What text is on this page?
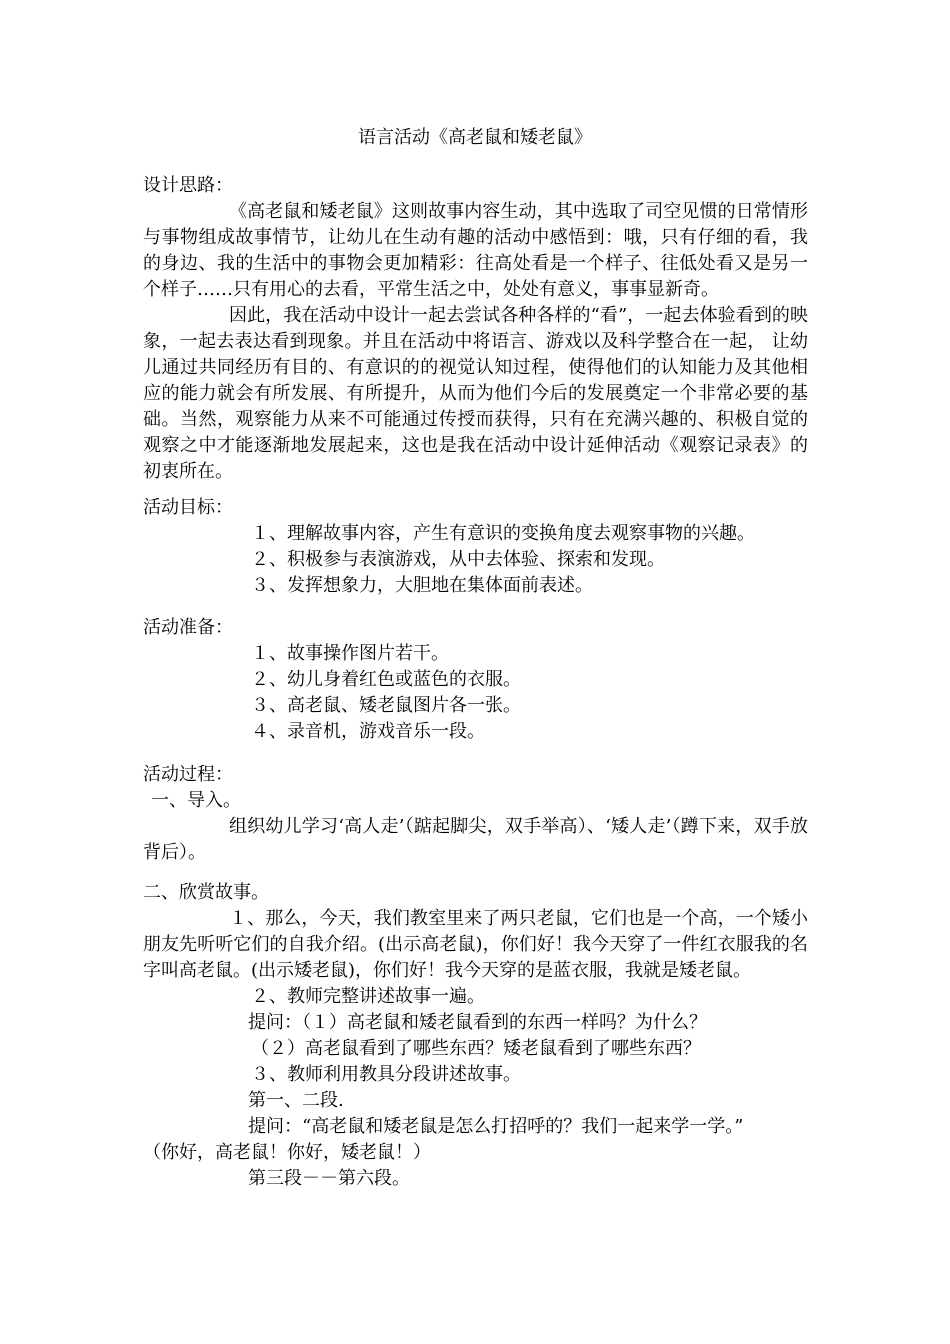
语言活动《高老鼠和矮老鼠》

设计思路：

《高老鼠和矮老鼠》这则故事内容生动，其中选取了司空见惯的日常情形与事物组成故事情节，让幼儿在生动有趣的活动中感悟到：哦，只有仔细的看，我的身边、我的生活中的事物会更加精彩：往高处看是一个样子、往低处看又是另一个样子……只有用心的去看，平常生活之中，处处有意义，事事显新奇。

因此，我在活动中设计一起去尝试各种各样的“看”，一起去体验看到的映象，一起去表达看到现象。并且在活动中将语言、游戏以及科学整合在一起， 让幼儿通过共同经历有目的、有意识的的视觉认知过程，使得他们的认知能力及其他相应的能力就会有所发展、有所提升，从而为他们今后的发展奠定一个非常必要的基础。当然，观察能力从来不可能通过传授而获得，只有在充满兴趣的、积极自觉的观察之中才能逐渐地发展起来，这也是我在活动中设计延伸活动《观察记录表》的初衷所在。

活动目标：

１、理解故事内容，产生有意识的变换角度去观察事物的兴趣。

２、积极参与表演游戏，从中去体验、探索和发现。

３、发挥想象力，大胆地在集体面前表述。

活动准备：

１、故事操作图片若干。

２、幼儿身着红色或蓝色的衣服。

３、高老鼠、矮老鼠图片各一张。

４、录音机，游戏音乐一段。

活动过程：

一、导入。

组织幼儿学习‘高人走’（踮起脚尖，双手举高）、‘矮人走’（蹲下来，双手放背后）。

二、欣赏故事。

１、那么，今天，我们教室里来了两只老鼠，它们也是一个高，一个矮小朋友先听听它们的自我介绍。(出示高老鼠)，你们好！我今天穿了一件红衣服我的名字叫高老鼠。(出示矮老鼠)，你们好！我今天穿的是蓝衣服，我就是矮老鼠。

２、教师完整讲述故事一遍。

提问：（１）高老鼠和矮老鼠看到的东西一样吗？为什么？

（２）高老鼠看到了哪些东西？矮老鼠看到了哪些东西？

３、教师利用教具分段讲述故事。

第一、二段.

提问：“高老鼠和矮老鼠是怎么打招呼的？我们一起来学一学。”

（你好，高老鼠！你好，矮老鼠！）

第三段－－第六段。
